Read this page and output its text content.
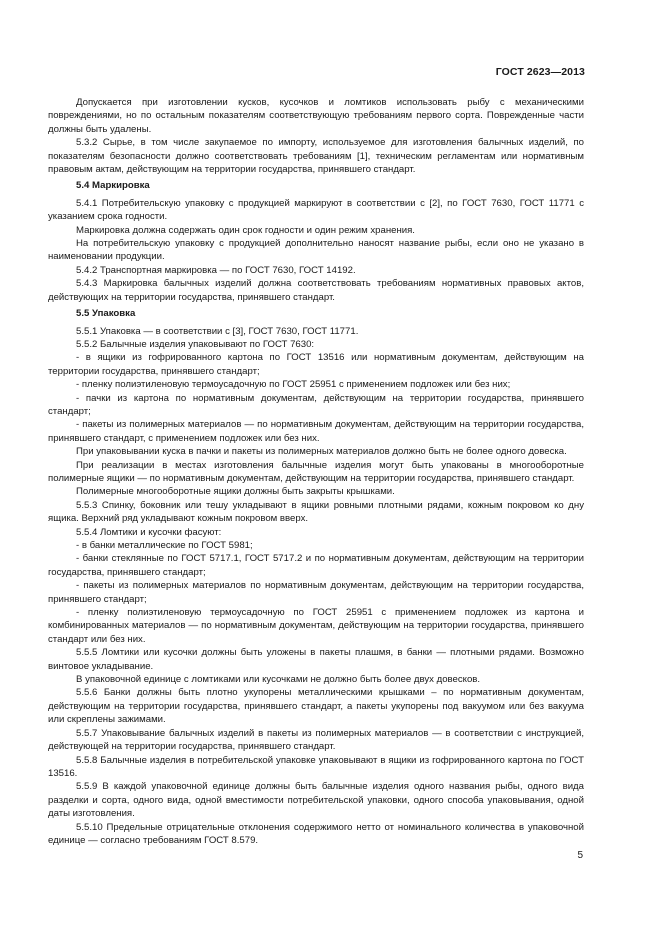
ГОСТ 2623—2013

Допускается при изготовлении кусков, кусочков и ломтиков использовать рыбу с механическими повреждениями, но по остальным показателям соответствующую требованиям первого сорта. Поврежденные части должны быть удалены.

5.3.2 Сырье, в том числе закупаемое по импорту, используемое для изготовления балычных изделий, по показателям безопасности должно соответствовать требованиям [1], техническим регламентам или нормативным правовым актам, действующим на территории государства, принявшего стандарт.

5.4 Маркировка

5.4.1 Потребительскую упаковку с продукцией маркируют в соответствии с [2], по ГОСТ 7630, ГОСТ 11771 с указанием срока годности.

Маркировка должна содержать один срок годности и один режим хранения.

На потребительскую упаковку с продукцией дополнительно наносят название рыбы, если оно не указано в наименовании продукции.

5.4.2 Транспортная маркировка — по ГОСТ 7630, ГОСТ 14192.

5.4.3 Маркировка балычных изделий должна соответствовать требованиям нормативных правовых актов, действующих на территории государства, принявшего стандарт.

5.5 Упаковка

5.5.1 Упаковка — в соответствии с [3], ГОСТ 7630, ГОСТ 11771.

5.5.2 Балычные изделия упаковывают по ГОСТ 7630:

- в ящики из гофрированного картона по ГОСТ 13516 или нормативным документам, действующим на территории государства, принявшего стандарт;

- пленку полиэтиленовую термоусадочную по ГОСТ 25951 с применением подложек или без них;

- пачки из картона по нормативным документам, действующим на территории государства, принявшего стандарт;

- пакеты из полимерных материалов — по нормативным документам, действующим на территории государства, принявшего стандарт, с применением подложек или без них.

При упаковывании куска в пачки и пакеты из полимерных материалов должно быть не более одного довеска.

При реализации в местах изготовления балычные изделия могут быть упакованы в многооборотные полимерные ящики — по нормативным документам, действующим на территории государства, принявшего стандарт.

Полимерные многооборотные ящики должны быть закрыты крышками.

5.5.3 Спинку, боковник или тешу укладывают в ящики ровными плотными рядами, кожным покровом ко дну ящика. Верхний ряд укладывают кожным покровом вверх.

5.5.4 Ломтики и кусочки фасуют:

- в банки металлические по ГОСТ 5981;

- банки стеклянные по ГОСТ 5717.1, ГОСТ 5717.2 и по нормативным документам, действующим на территории государства, принявшего стандарт;

- пакеты из полимерных материалов по нормативным документам, действующим на территории государства, принявшего стандарт;

- пленку полиэтиленовую термоусадочную по ГОСТ 25951 с применением подложек из картона и комбинированных материалов — по нормативным документам, действующим на территории государства, принявшего стандарт или без них.

5.5.5 Ломтики или кусочки должны быть уложены в пакеты плашмя, в банки — плотными рядами. Возможно винтовое укладывание.

В упаковочной единице с ломтиками или кусочками не должно быть более двух довесков.

5.5.6 Банки должны быть плотно укупорены металлическими крышками – по нормативным документам, действующим на территории государства, принявшего стандарт, а пакеты укупорены под вакуумом или без вакуума или скреплены зажимами.

5.5.7 Упаковывание балычных изделий в пакеты из полимерных материалов — в соответствии с инструкцией, действующей на территории государства, принявшего стандарт.

5.5.8 Балычные изделия в потребительской упаковке упаковывают в ящики из гофрированного картона по ГОСТ 13516.

5.5.9 В каждой упаковочной единице должны быть балычные изделия одного названия рыбы, одного вида разделки и сорта, одного вида, одной вместимости потребительской упаковки, одного способа упаковывания, одной даты изготовления.

5.5.10 Предельные отрицательные отклонения содержимого нетто от номинального количества в упаковочной единице — согласно требованиям ГОСТ 8.579.

5
